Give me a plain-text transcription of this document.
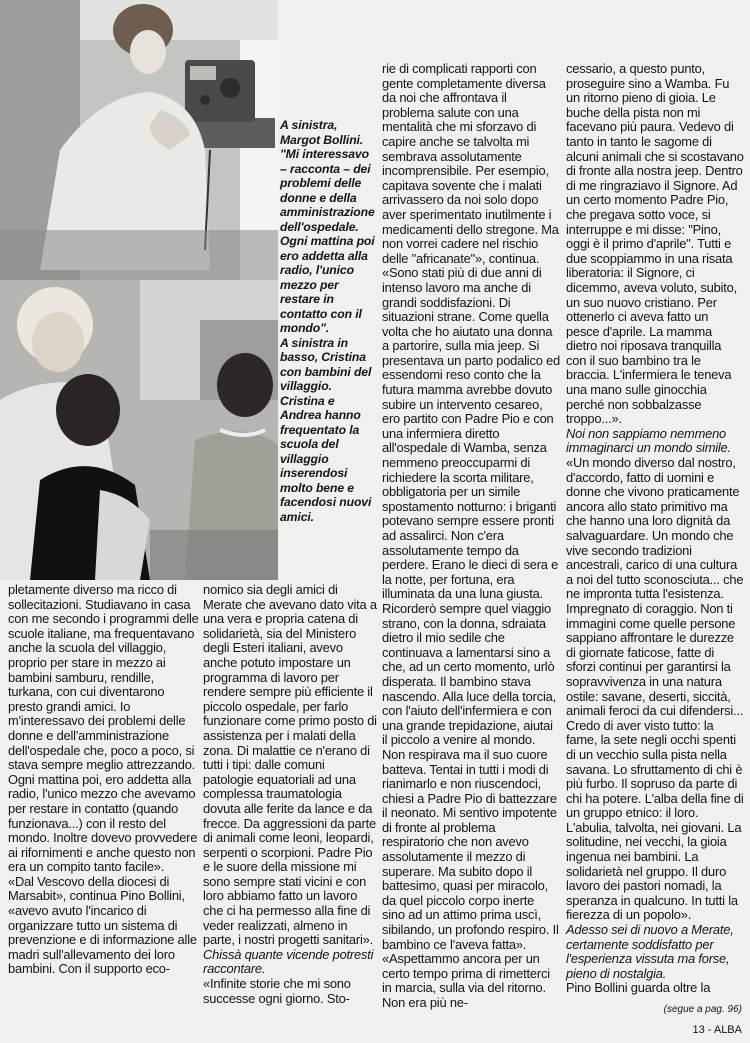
A sinistra, Margot Bollini. "Mi interessavo – racconta – dei problemi delle donne e della amministrazione dell'ospedale. Ogni mattina poi ero addetta alla radio, l'unico mezzo per restare in contatto con il mondo".

A sinistra in basso, Cristina con bambini del villaggio. Cristina e Andrea hanno frequentato la scuola del villaggio inserendosi molto bene e facendosi nuovi amici.

pletamente diverso ma ricco di sollecitazioni. Studiavano in casa con me secondo i programmi delle scuole italiane, ma frequentavano anche la scuola del villaggio, proprio per stare in mezzo ai bambini samburu, rendille, turkana, con cui diventarono presto grandi amici. Io m'interessavo dei problemi delle donne e dell'amministrazione dell'ospedale che, poco a poco, si stava sempre meglio attrezzando. Ogni mattina poi, ero addetta alla radio, l'unico mezzo che avevamo per restare in contatto (quando funzionava...) con il resto del mondo. Inoltre dovevo provvedere ai rifornimenti e anche questo non era un compito tanto facile».

«Dal Vescovo della diocesi di Marsabit», continua Pino Bollini, «avevo avuto l'incarico di organizzare tutto un sistema di prevenzione e di informazione alle madri sull'allevamento dei loro bambini. Con il supporto eco-

nomico sia degli amici di Merate che avevano dato vita a una vera e propria catena di solidarietà, sia del Ministero degli Esteri italiani, avevo anche potuto impostare un programma di lavoro per rendere sempre più efficiente il piccolo ospedale, per farlo funzionare come primo posto di assistenza per i malati della zona. Di malattie ce n'erano di tutti i tipi: dalle comuni patologie equatoriali ad una complessa traumatologia dovuta alle ferite da lance e da frecce. Da aggressioni da parte di animali come leoni, leopardi, serpenti o scorpioni. Padre Pio e le suore della missione mi sono sempre stati vicini e con loro abbiamo fatto un lavoro che ci ha permesso alla fine di veder realizzati, almeno in parte, i nostri progetti sanitari».

Chissà quante vicende potresti raccontare.

«Infinite storie che mi sono successe ogni giorno. Sto-

rie di complicati rapporti con gente completamente diversa da noi che affrontava il problema salute con una mentalità che mi sforzavo di capire anche se talvolta mi sembrava assolutamente incomprensibile. Per esempio, capitava sovente che i malati arrivassero da noi solo dopo aver sperimentato inutilmente i medicamenti dello stregone. Ma non vorrei cadere nel rischio delle "africanate"», continua. «Sono stati più di due anni di intenso lavoro ma anche di grandi soddisfazioni. Di situazioni strane. Come quella volta che ho aiutato una donna a partorire, sulla mia jeep. Si presentava un parto podalico ed essendomi reso conto che la futura mamma avrebbe dovuto subire un intervento cesareo, ero partito con Padre Pio e con una infermiera diretto all'ospedale di Wamba, senza nemmeno preoccuparmi di richiedere la scorta militare, obbligatoria per un simile spostamento notturno: i briganti potevano sempre essere pronti ad assalirci. Non c'era assolutamente tempo da perdere. Erano le dieci di sera e la notte, per fortuna, era illuminata da una luna giusta. Ricorderò sempre quel viaggio strano, con la donna, sdraiata dietro il mio sedile che continuava a lamentarsi sino a che, ad un certo momento, urlò disperata. Il bambino stava nascendo. Alla luce della torcia, con l'aiuto dell'infermiera e con una grande trepidazione, aiutai il piccolo a venire al mondo. Non respirava ma il suo cuore batteva. Tentai in tutti i modi di rianimarlo e non riuscendoci, chiesi a Padre Pio di battezzare il neonato. Mi sentivo impotente di fronte al problema respiratorio che non avevo assolutamente il mezzo di superare. Ma subito dopo il battesimo, quasi per miracolo, da quel piccolo corpo inerte sino ad un attimo prima uscì, sibilando, un profondo respiro. Il bambino ce l'aveva fatta».

«Aspettammo ancora per un certo tempo prima di rimetterci in marcia, sulla via del ritorno. Non era più ne-

cessario, a questo punto, proseguire sino a Wamba. Fu un ritorno pieno di gioia. Le buche della pista non mi facevano più paura. Vedevo di tanto in tanto le sagome di alcuni animali che si scostavano di fronte alla nostra jeep. Dentro di me ringraziavo il Signore. Ad un certo momento Padre Pio, che pregava sotto voce, si interruppe e mi disse: "Pino, oggi è il primo d'aprile". Tutti e due scoppiammo in una risata liberatoria: il Signore, ci dicemmo, aveva voluto, subito, un suo nuovo cristiano. Per ottenerlo ci aveva fatto un pesce d'aprile. La mamma dietro noi riposava tranquilla con il suo bambino tra le braccia. L'infermiera le teneva una mano sulle ginocchia perché non sobbalzasse troppo...».

Noi non sappiamo nemmeno immaginarci un mondo simile.

«Un mondo diverso dal nostro, d'accordo, fatto di uomini e donne che vivono praticamente ancora allo stato primitivo ma che hanno una loro dignità da salvaguardare. Un mondo che vive secondo tradizioni ancestrali, carico di una cultura a noi del tutto sconosciuta... che ne impronta tutta l'esistenza. Impregnato di coraggio. Non ti immagini come quelle persone sappiano affrontare le durezze di giornate faticose, fatte di sforzi continui per garantirsi la sopravvivenza in una natura ostile: savane, deserti, siccità, animali feroci da cui difendersi... Credo di aver visto tutto: la fame, la sete negli occhi spenti di un vecchio sulla pista nella savana. Lo sfruttamento di chi è più furbo. Il sopruso da parte di chi ha potere. L'alba della fine di un gruppo etnico: il loro. L'abulia, talvolta, nei giovani. La solitudine, nei vecchi, la gioia ingenua nei bambini. La solidarietà nel gruppo. Il duro lavoro dei pastori nomadi, la speranza in qualcuno. In tutti la fierezza di un popolo».

Adesso sei di nuovo a Merate, certamente soddisfatto per l'esperienza vissuta ma forse, pieno di nostalgia.

Pino Bollini guarda oltre la

(segue a pag. 96)
13 - ALBA
